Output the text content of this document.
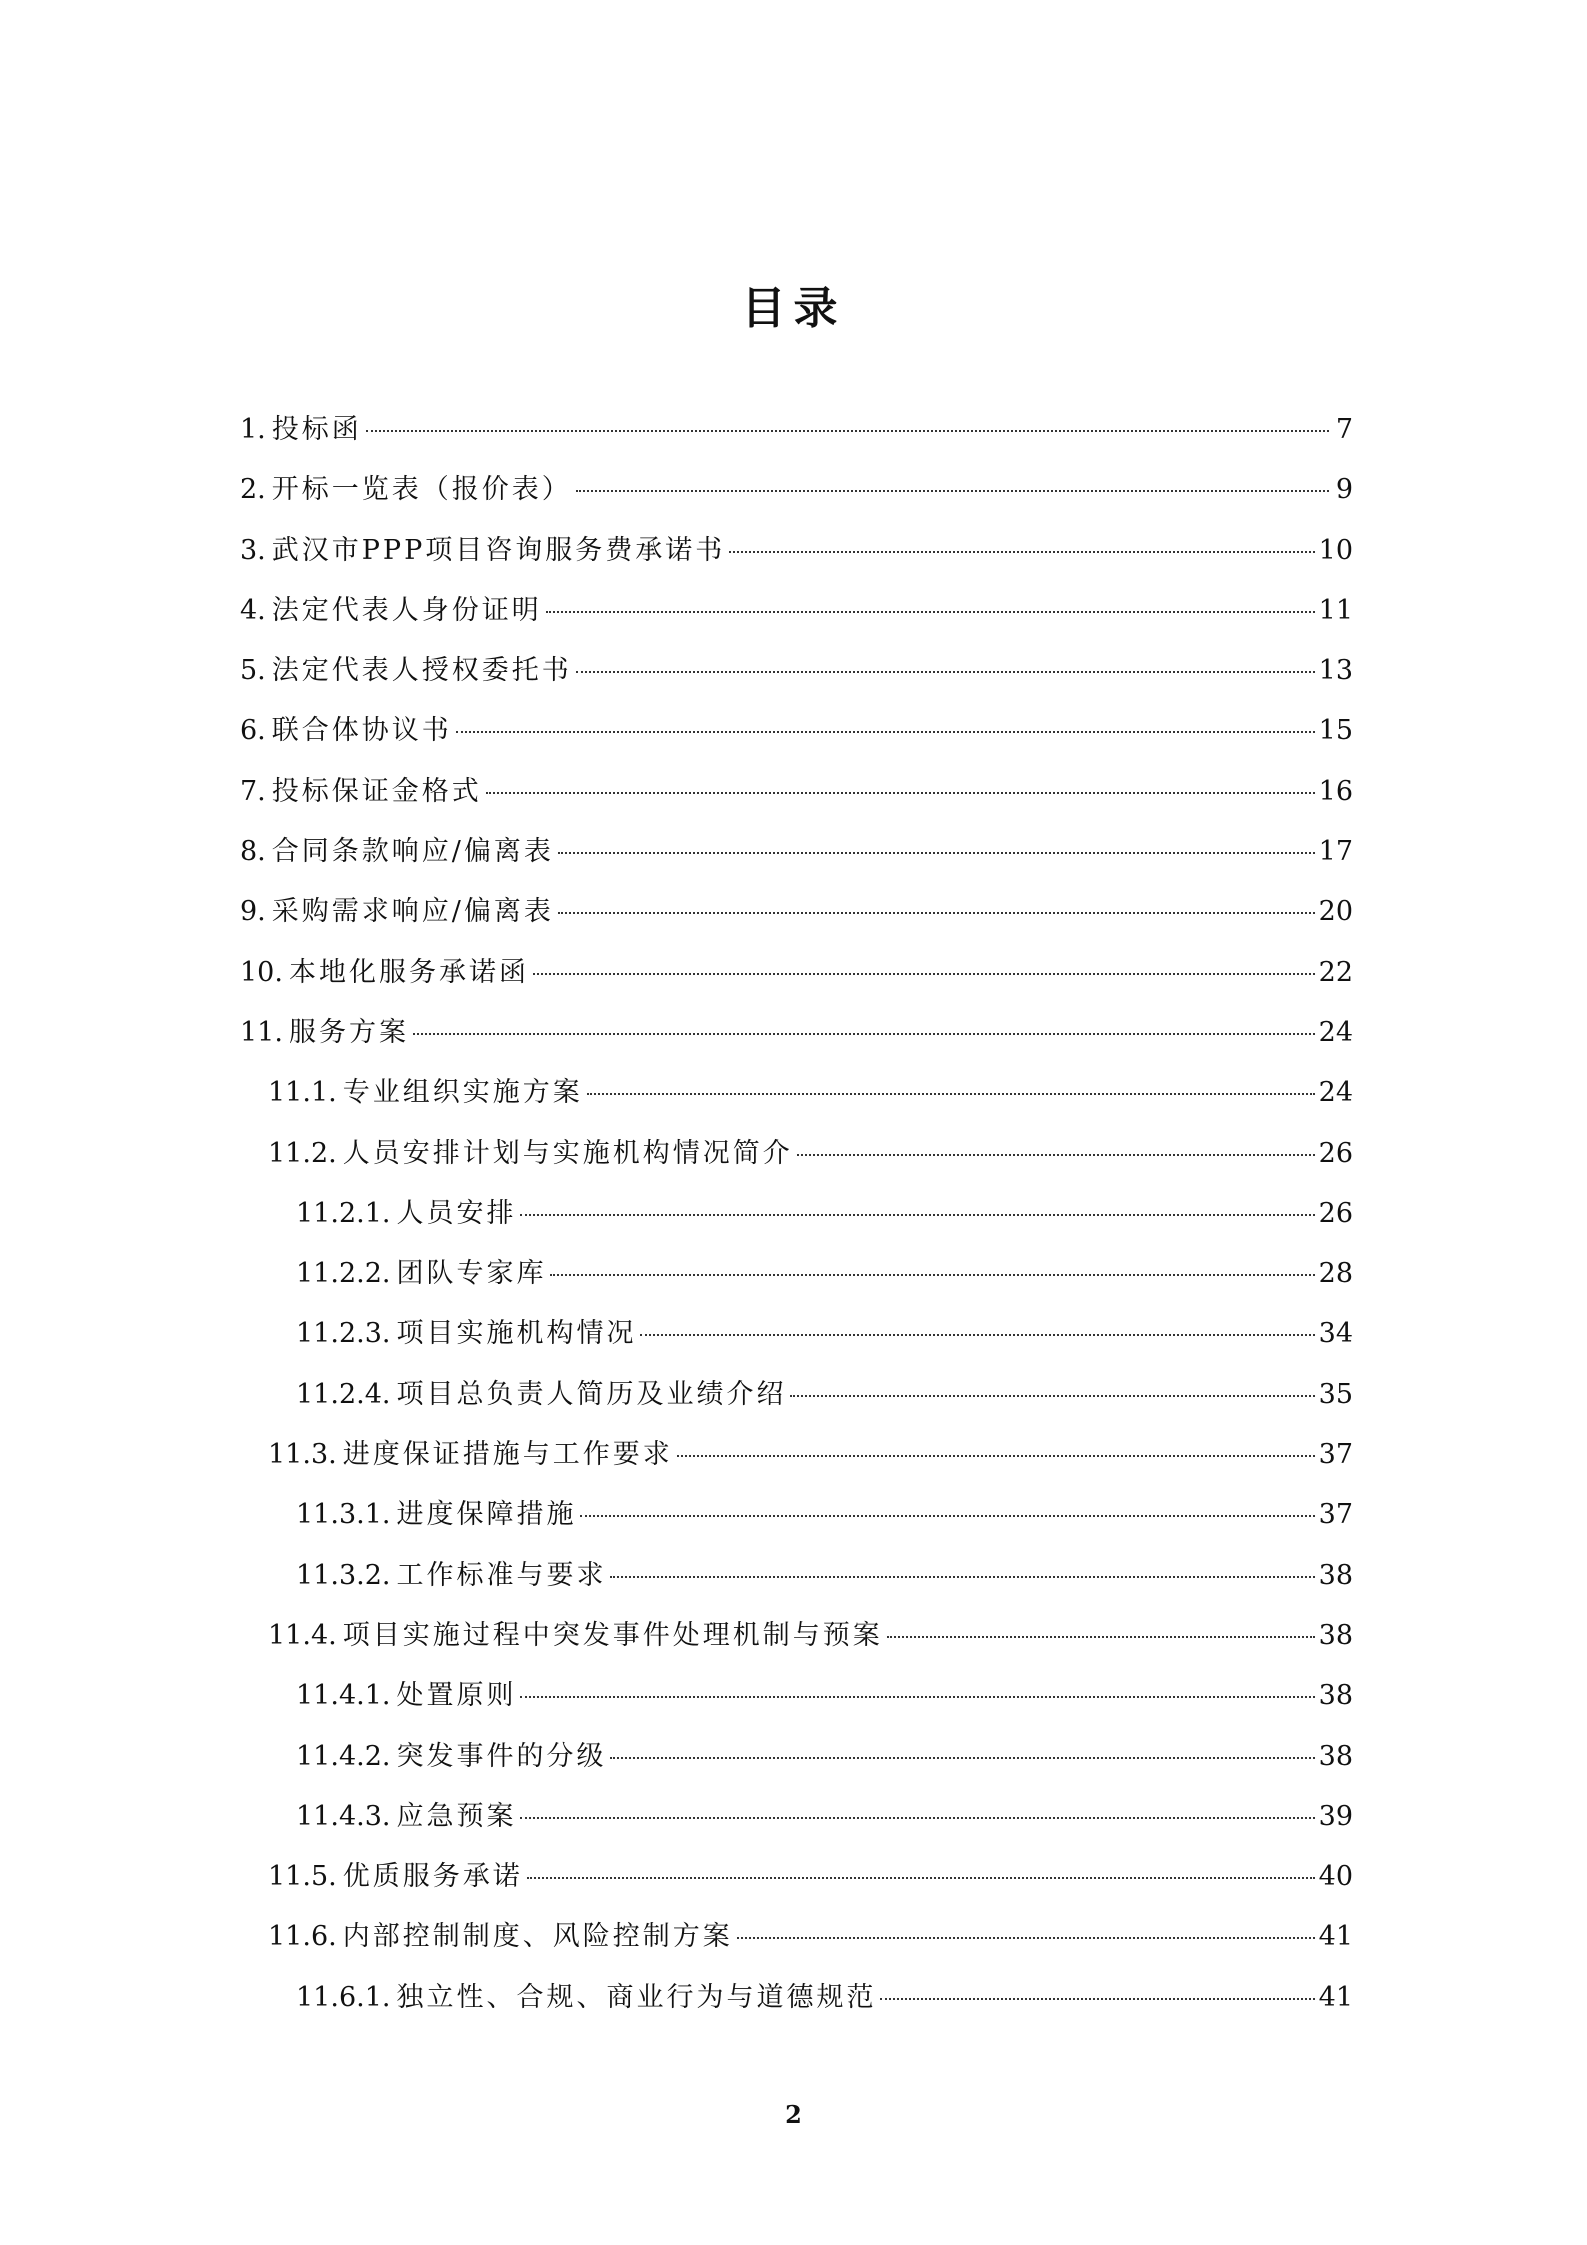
目录
1. 投标函	7
2. 开标一览表（报价表）	9
3. 武汉市PPP项目咨询服务费承诺书	10
4. 法定代表人身份证明	11
5. 法定代表人授权委托书	13
6. 联合体协议书	15
7. 投标保证金格式	16
8. 合同条款响应/偏离表	17
9. 采购需求响应/偏离表	20
10. 本地化服务承诺函	22
11. 服务方案	24
11.1. 专业组织实施方案	24
11.2. 人员安排计划与实施机构情况简介	26
11.2.1. 人员安排	26
11.2.2. 团队专家库	28
11.2.3. 项目实施机构情况	34
11.2.4. 项目总负责人简历及业绩介绍	35
11.3. 进度保证措施与工作要求	37
11.3.1. 进度保障措施	37
11.3.2. 工作标准与要求	38
11.4. 项目实施过程中突发事件处理机制与预案	38
11.4.1. 处置原则	38
11.4.2. 突发事件的分级	38
11.4.3. 应急预案	39
11.5. 优质服务承诺	40
11.6. 内部控制制度、风险控制方案	41
11.6.1. 独立性、合规、商业行为与道德规范	41
2
